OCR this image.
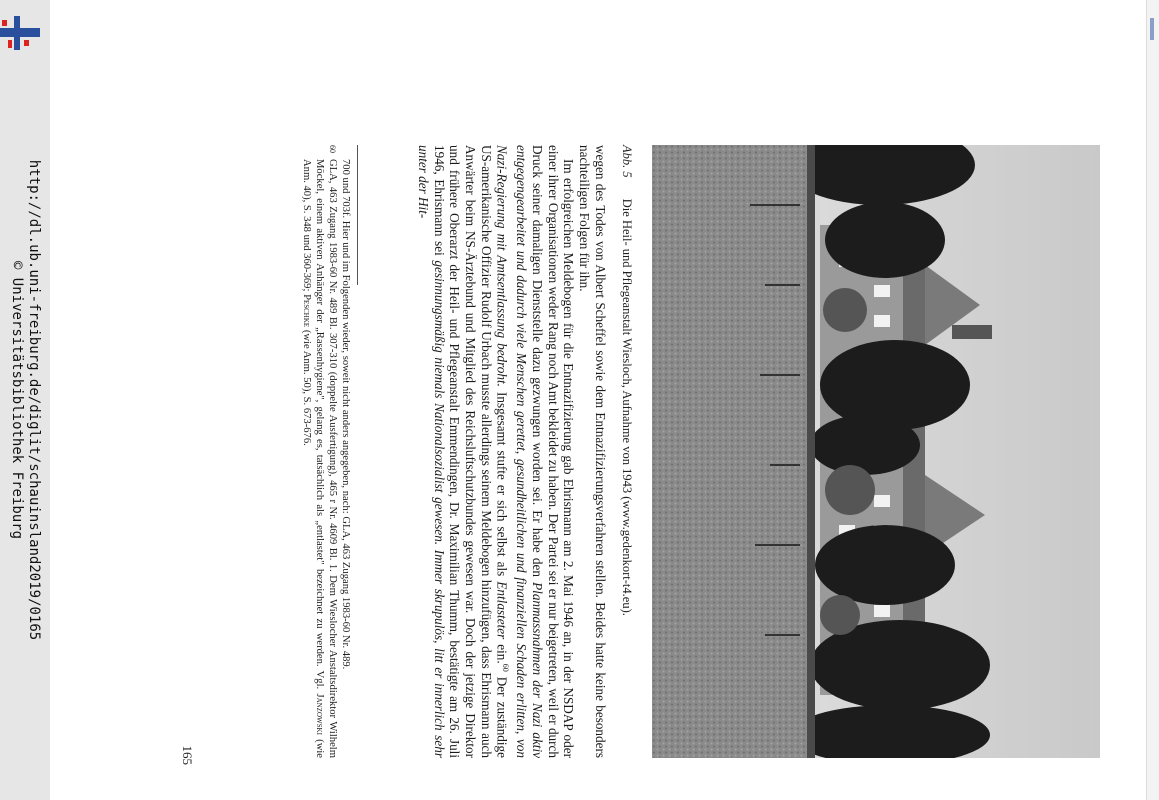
http://dl.ub.uni-freiburg.de/diglit/schauinsland2019/0165
© Universitätsbibliothek Freiburg
Abb. 5 Die Heil- und Pflegeanstalt Wiesloch, Aufnahme von 1943 (www.gedenkort-t4.eu).

wegen des Todes von Albert Scheffel sowie dem Entnazifizierungsverfahren stellen. Beides hatte keine besonders nachteiligen Folgen für ihn.

Im erfolgreichen Meldebogen für die Entnazifizierung gab Ehrismann am 2. Mai 1946 an, in der NSDAP oder einer ihrer Organisationen weder Rang noch Amt bekleidet zu haben. Der Partei sei er nur beigetreten, weil er durch Druck seiner damaligen Dienststelle dazu gezwungen worden sei. Er habe den Planmassnahmen der Nazi aktiv entgegengearbeitet und dadurch viele Menschen gerettet, gesundheitlichen und finanziellen Schaden erlitten, von Nazi-Regierung mit Amtsentlassung bedroht. Insgesamt stufte er sich selbst als Entlasteter ein.$^{60}$ Der zuständige US-amerikanische Offizier Rudolf Urbach musste allerdings seinem Meldebogen hinzufügen, dass Ehrismann auch Anwärter beim NS-Ärztebund und Mitglied des Reichsluftschutzbundes gewesen war. Doch der jetzige Direktor und frühere Oberarzt der Heil- und Pflegeanstalt Emmendingen, Dr. Maximilian Thumm, bestätigte am 26. Juli 1946, Ehrismann sei gesinnungsmäßig niemals Nationalsozialist gewesen. Immer skrupulös, litt er innerlich sehr unter der Hit-

700 und 703f. Hier und im Folgenden wieder, soweit nicht anders angegeben, nach: GLA, 463 Zugang 1983-60 Nr. 489.

60
GLA, 463 Zugang 1983-60 Nr. 489 Bl. 307-310 (doppelte Ausfertigung), 465 r Nr. 4609 Bl. 1. Dem Wieslocher Anstaltsdirektor Wilhelm Möckel, einem aktiven Anhänger der „Rassenhygiene", gelang es, tatsächlich als „entlastet" bezeichnet zu werden. Vgl. Janzowski (wie Anm. 40), S. 348 und 360-369; Peschke (wie Anm. 50), S. 673-676.
165
